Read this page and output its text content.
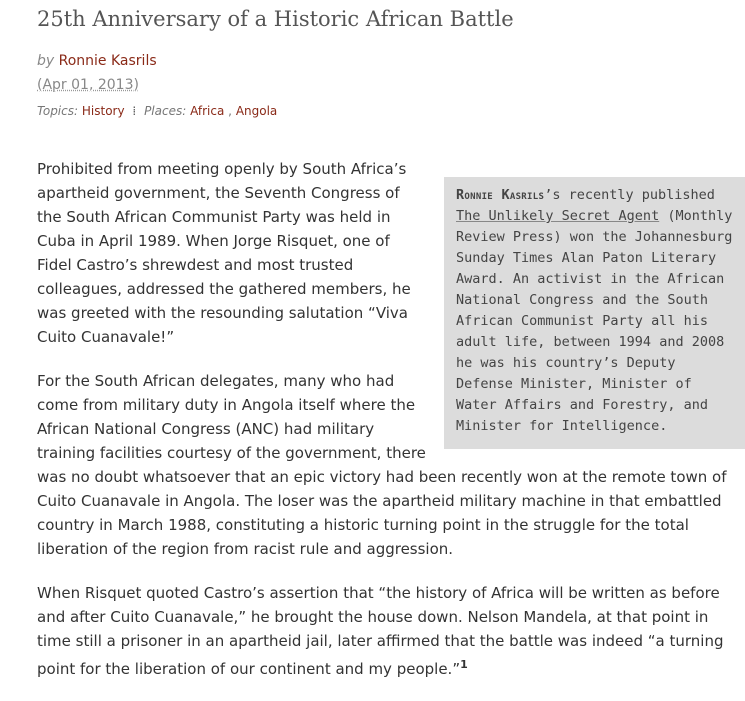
25th Anniversary of a Historic African Battle
by Ronnie Kasrils
(Apr 01, 2013)
Topics: History ⁞ Places: Africa , Angola
Ronnie Kasrils’s recently published The Unlikely Secret Agent (Monthly Review Press) won the Johannesburg Sunday Times Alan Paton Literary Award. An activist in the African National Congress and the South African Communist Party all his adult life, between 1994 and 2008 he was his country’s Deputy Defense Minister, Minister of Water Affairs and Forestry, and Minister for Intelligence.

Prohibited from meeting openly by South Africa’s apartheid government, the Seventh Congress of the South African Communist Party was held in Cuba in April 1989. When Jorge Risquet, one of Fidel Castro’s shrewdest and most trusted colleagues, addressed the gathered members, he was greeted with the resounding salutation “Viva Cuito Cuanavale!”

For the South African delegates, many who had come from military duty in Angola itself where the African National Congress (ANC) had military training facilities courtesy of the government, there was no doubt whatsoever that an epic victory had been recently won at the remote town of Cuito Cuanavale in Angola. The loser was the apartheid military machine in that embattled country in March 1988, constituting a historic turning point in the struggle for the total liberation of the region from racist rule and aggression.

When Risquet quoted Castro’s assertion that “the history of Africa will be written as before and after Cuito Cuanavale,” he brought the house down. Nelson Mandela, at that point in time still a prisoner in an apartheid jail, later affirmed that the battle was indeed “a turning point for the liberation of our continent and my people.”$^1$
